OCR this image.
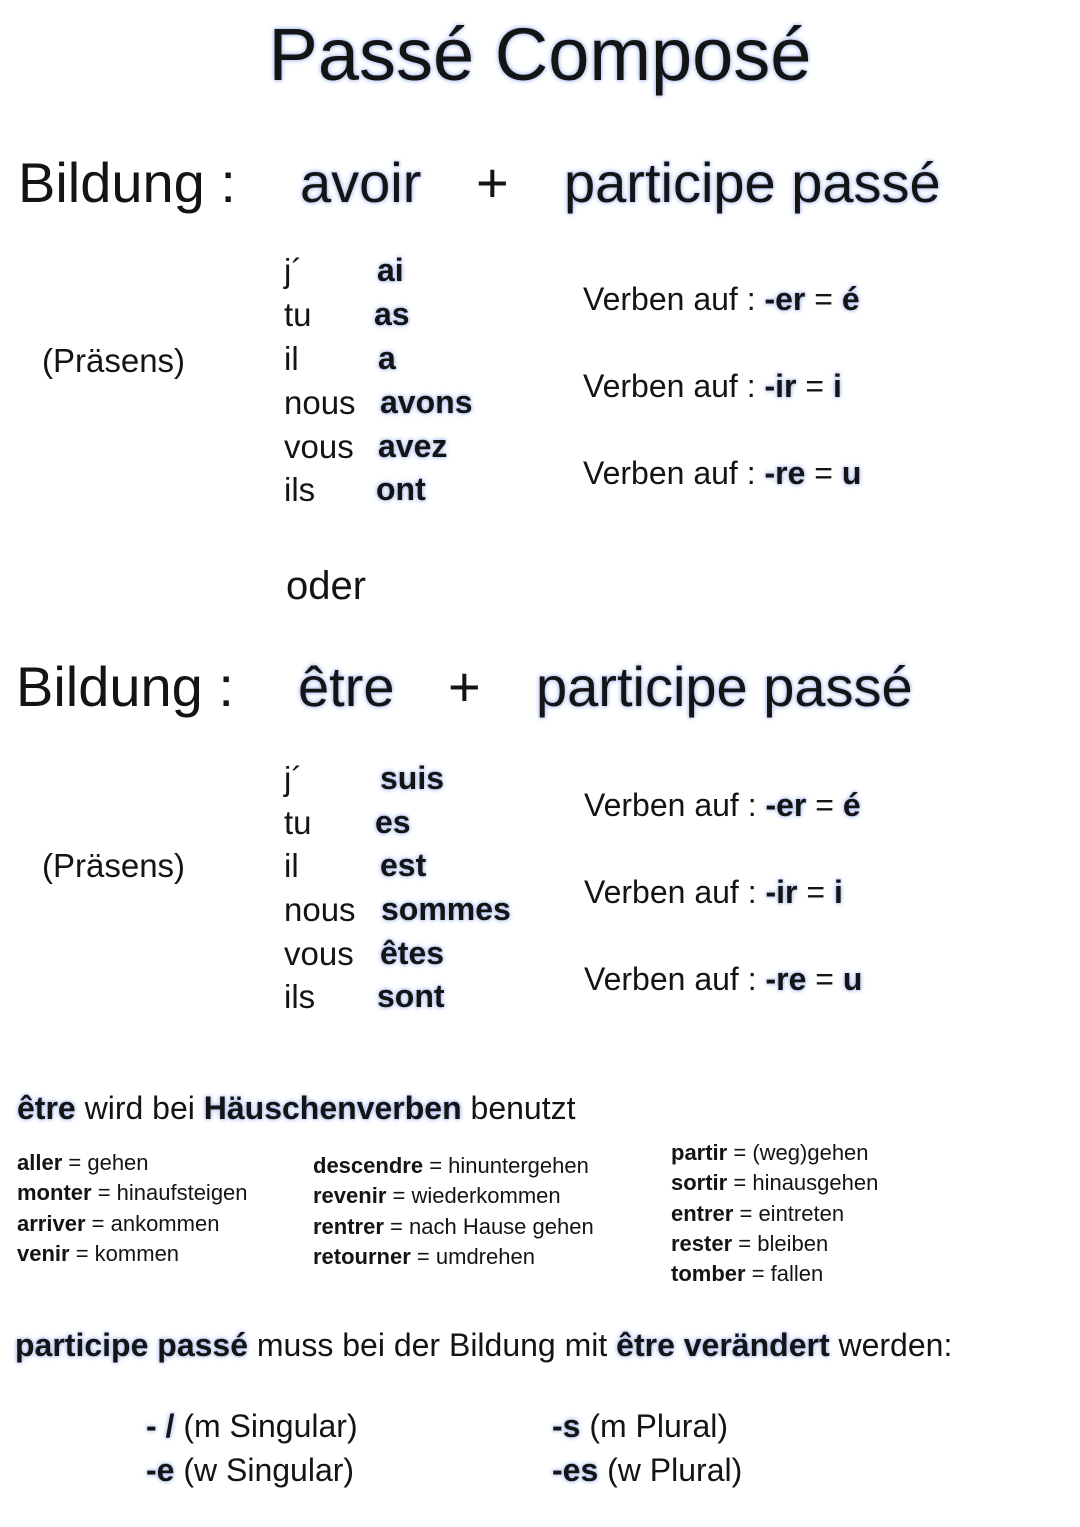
Passé Composé
Bildung : avoir + participe passé
(Präsens)
j´ ai
tu as
il a
nous avons
vous avez
ils ont
Verben auf : -er = é
Verben auf : -ir = i
Verben auf : -re = u
oder
Bildung : être + participe passé
(Präsens)
j´ suis
tu es
il	est
nous sommes
vous êtes
ils sont
Verben auf : -er = é
Verben auf : -ir = i
Verben auf : -re = u
être wird bei Häuschenverben benutzt
aller = gehen
monter = hinaufsteigen
arriver = ankommen
venir = kommen
descendre = hinuntergehen
revenir = wiederkommen
rentrer = nach Hause gehen
retourner = umdrehen
partir = (weg)gehen
sortir = hinausgehen
entrer = eintreten
rester = bleiben
tomber = fallen
participe passé muss bei der Bildung mit être verändert werden:
- / (m Singular)
-e (w Singular)
-s (m Plural)
-es (w Plural)
